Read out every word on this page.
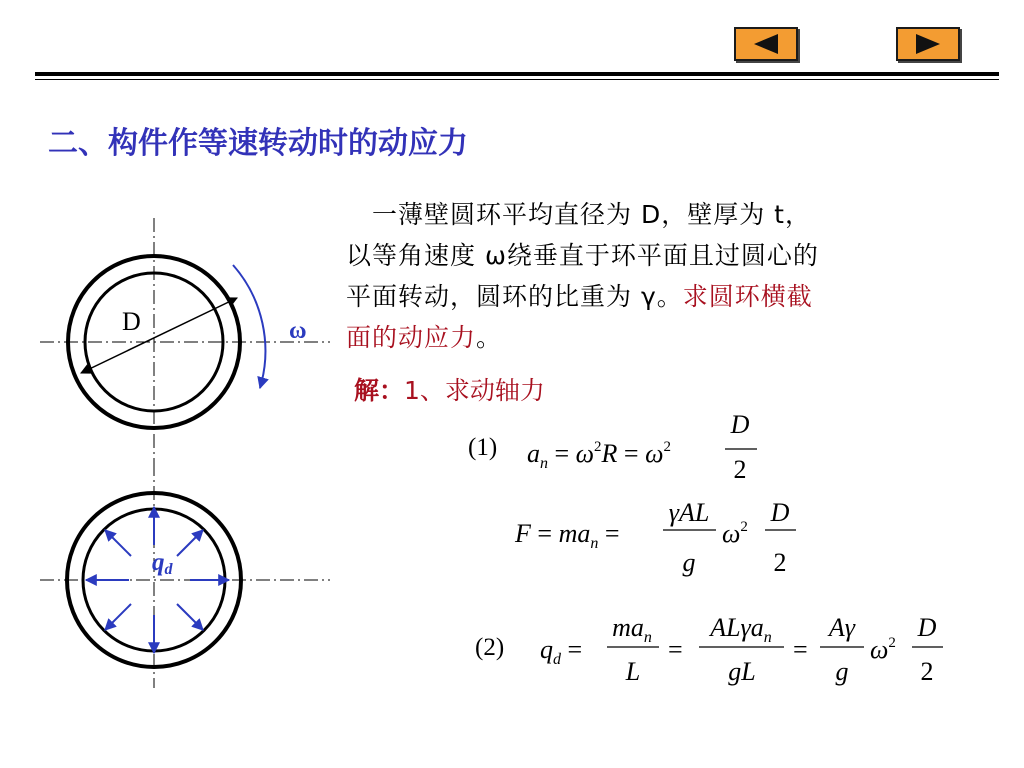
二、构件作等速转动时的动应力

一薄壁圆环平均直径为 D，壁厚为 t，

以等角速度 ω绕垂直于环平面且过圆心的

平面转动，圆环的比重为 γ。求圆环横截

面的动应力。

解：1、求动轴力
D	ω
qd
(1) $a_n = \omega^2R = \omega^2$
D
2
$F = ma_n$ =
γAL
g
$\omega^2$ D
2
(2) $q_d$ =
$ma_n$
L
=
ALγa$_n$
gL
=
Aγ
g
$\omega^2$
D
2
